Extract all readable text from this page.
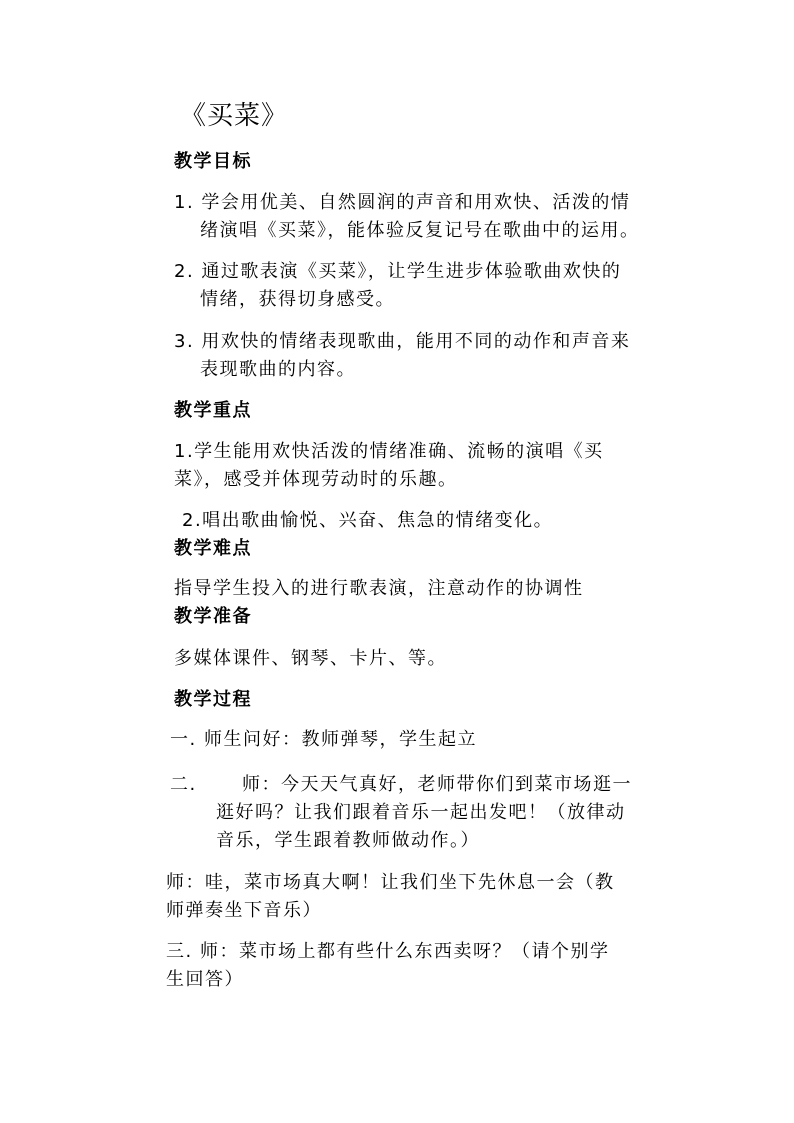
《买菜》
教学目标
1. 学会用优美、自然圆润的声音和用欢快、活泼的情
绪演唱《买菜》，能体验反复记号在歌曲中的运用。
2. 通过歌表演《买菜》，让学生进步体验歌曲欢快的
情绪，获得切身感受。
3. 用欢快的情绪表现歌曲，能用不同的动作和声音来
表现歌曲的内容。
教学重点
1.学生能用欢快活泼的情绪准确、流畅的演唱《买
菜》，感受并体现劳动时的乐趣。
2.唱出歌曲愉悦、兴奋、焦急的情绪变化。
教学难点
指导学生投入的进行歌表演，注意动作的协调性
教学准备
多媒体课件、钢琴、卡片、等。
教学过程
一. 师生问好：教师弹琴，学生起立
二.	师：今天天气真好，老师带你们到菜市场逛一
逛好吗？让我们跟着音乐一起出发吧！（放律动
音乐，学生跟着教师做动作。）
师：哇，菜市场真大啊！让我们坐下先休息一会（教
师弹奏坐下音乐）
三. 师：菜市场上都有些什么东西卖呀？（请个别学
生回答）
